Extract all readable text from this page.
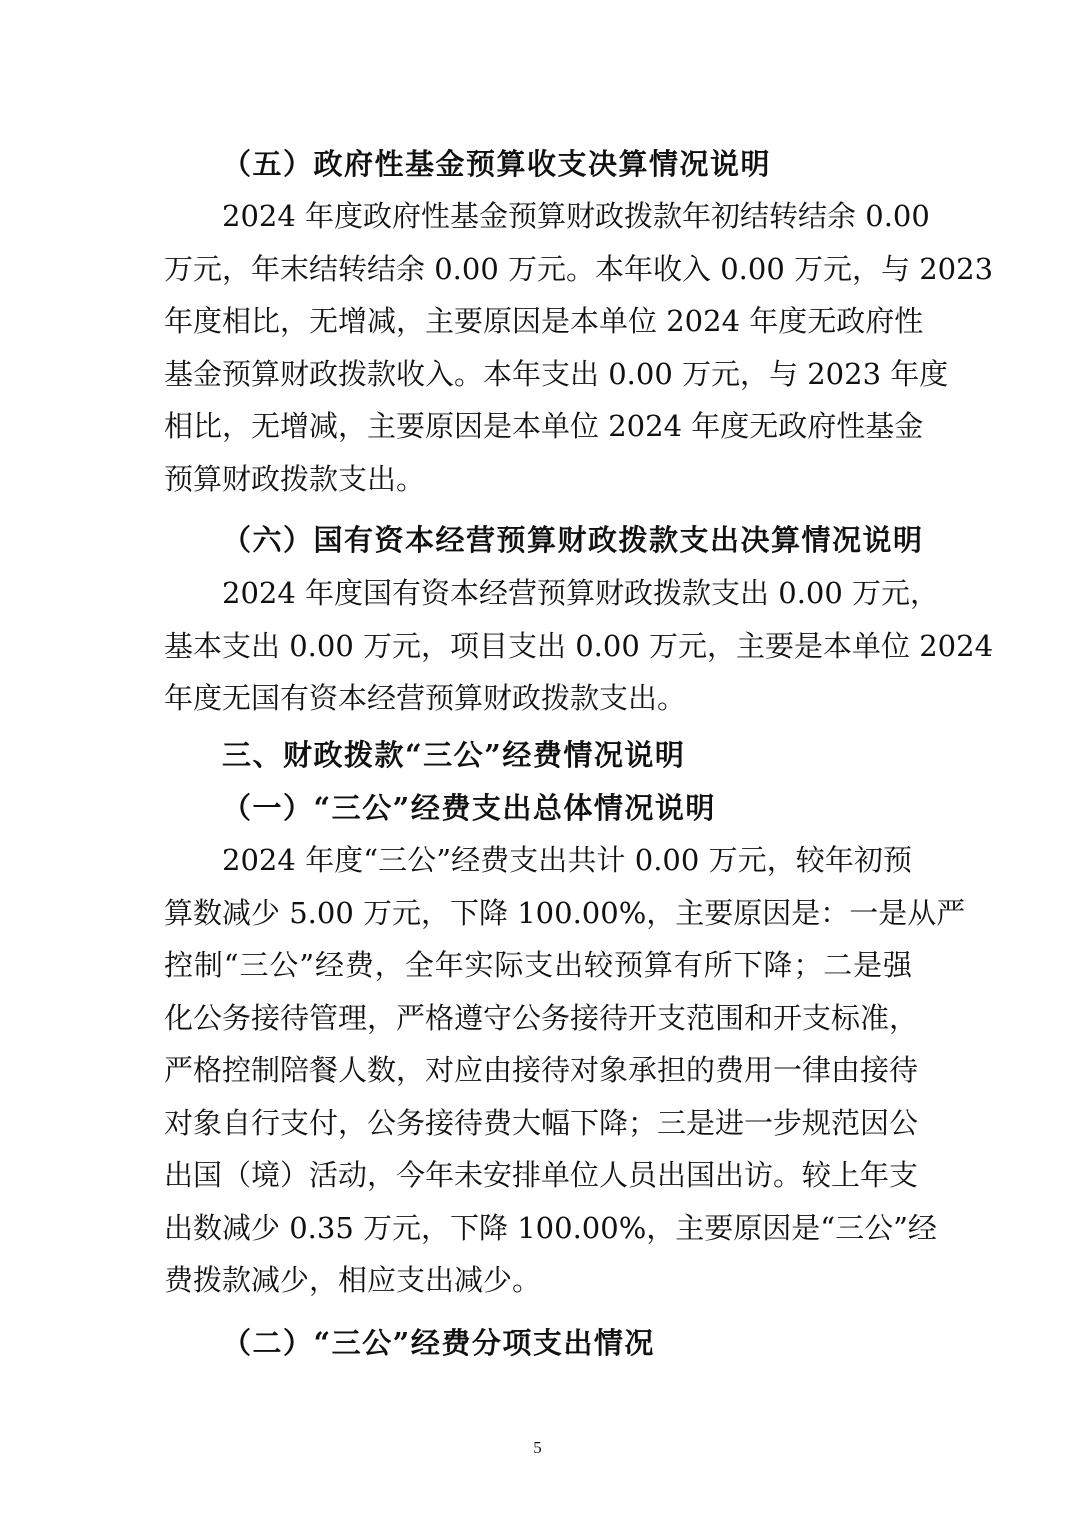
（五）政府性基金预算收支决算情况说明
2024 年度政府性基金预算财政拨款年初结转结余 0.00
万元，年末结转结余 0.00 万元。本年收入 0.00 万元，与 2023
年度相比，无增减，主要原因是本单位 2024 年度无政府性
基金预算财政拨款收入。本年支出 0.00 万元，与 2023 年度
相比，无增减，主要原因是本单位 2024 年度无政府性基金
预算财政拨款支出。
（六）国有资本经营预算财政拨款支出决算情况说明
2024 年度国有资本经营预算财政拨款支出 0.00 万元，
基本支出 0.00 万元，项目支出 0.00 万元，主要是本单位 2024
年度无国有资本经营预算财政拨款支出。
三、财政拨款“三公”经费情况说明
（一）“三公”经费支出总体情况说明
2024 年度“三公”经费支出共计 0.00 万元，较年初预
算数减少 5.00 万元，下降 100.00%，主要原因是：一是从严
控制“三公”经费，全年实际支出较预算有所下降；二是强
化公务接待管理，严格遵守公务接待开支范围和开支标准，
严格控制陪餐人数，对应由接待对象承担的费用一律由接待
对象自行支付，公务接待费大幅下降；三是进一步规范因公
出国（境）活动，今年未安排单位人员出国出访。较上年支
出数减少 0.35 万元，下降 100.00%，主要原因是“三公”经
费拨款减少，相应支出减少。
（二）“三公”经费分项支出情况
5
